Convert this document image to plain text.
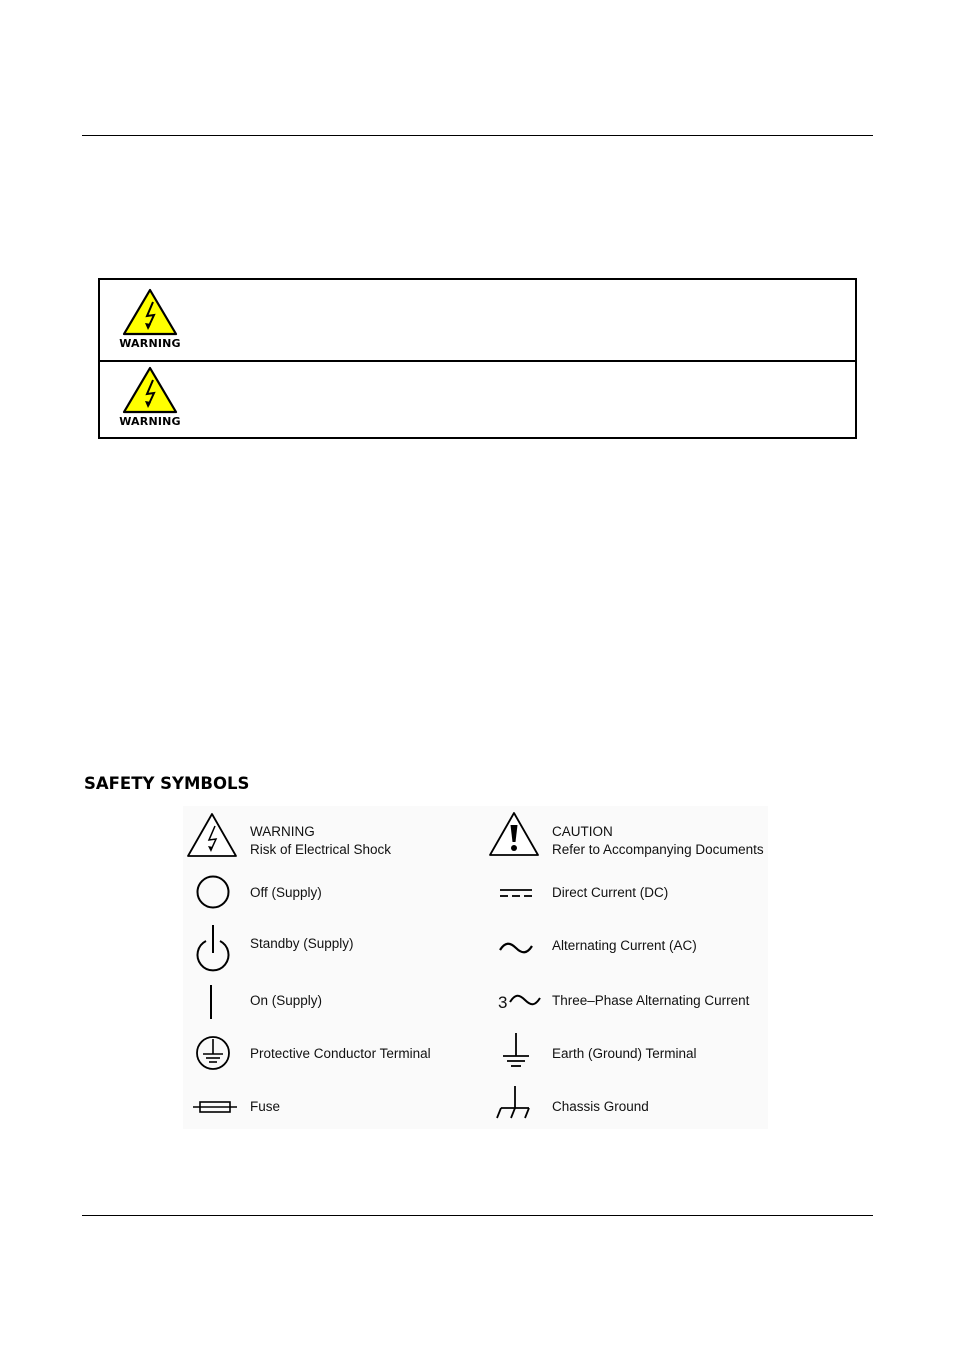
WARNING
WARNING
SAFETY SYMBOLS
WARNING
Risk of Electrical Shock
Off (Supply)
Standby (Supply)
On (Supply)
Protective Conductor Terminal
Fuse
CAUTION
Refer to Accompanying Documents
Direct Current (DC)
Alternating Current (AC)
3	Three–Phase Alternating Current
Earth (Ground) Terminal
Chassis Ground
